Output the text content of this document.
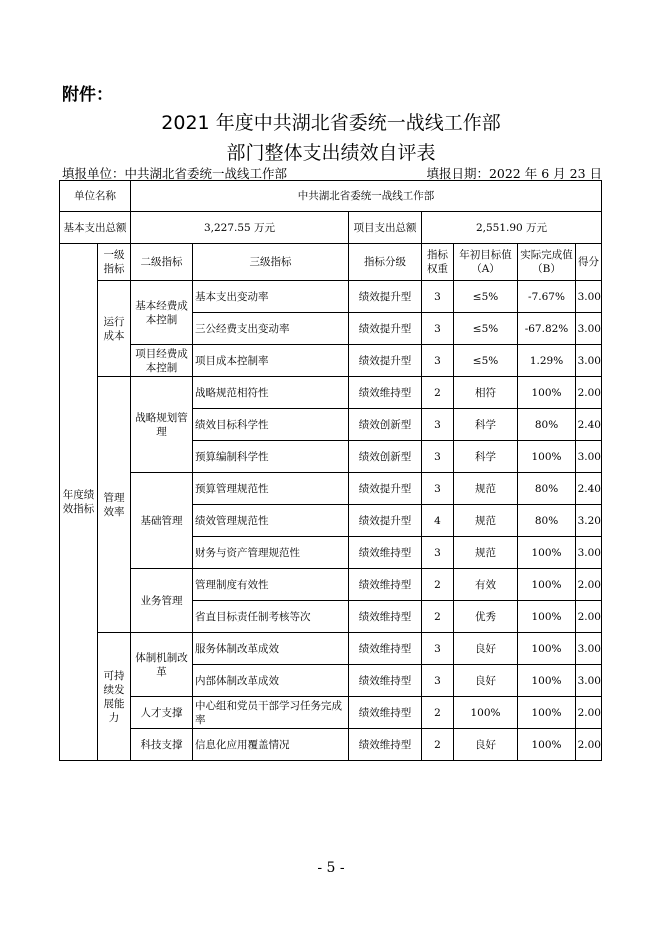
附件：
2021 年度中共湖北省委统一战线工作部
部门整体支出绩效自评表
填报单位：中共湖北省委统一战线工作部	填报日期：2022 年 6 月 23 日
单位名称		中共湖北省委统一战线工作部						
基本支出总额		3,227.55 万元		项目支出总额	2,551.90 万元			
年度绩效指标	一级指标	二级指标	三级指标	指标分级	指标权重	年初目标值（A）	实际完成值（B）	得分
	运行成本	基本经费成本控制	基本支出变动率	绩效提升型	3	≤5%	-7.67%	3.00
			三公经费支出变动率	绩效提升型	3	≤5%	-67.82%	3.00
		项目经费成本控制	项目成本控制率	绩效提升型	3	≤5%	1.29%	3.00
	管理效率	战略规划管理	战略规范相符性	绩效维持型	2	相符	100%	2.00
			绩效目标科学性	绩效创新型	3	科学	80%	2.40
			预算编制科学性	绩效创新型	3	科学	100%	3.00
		基础管理	预算管理规范性	绩效提升型	3	规范	80%	2.40
			绩效管理规范性	绩效提升型	4	规范	80%	3.20
			财务与资产管理规范性	绩效维持型	3	规范	100%	3.00
		业务管理	管理制度有效性	绩效维持型	2	有效	100%	2.00
			省直目标责任制考核等次	绩效维持型	2	优秀	100%	2.00
	可持续发展能力	体制机制改革	服务体制改革成效	绩效维持型	3	良好	100%	3.00
			内部体制改革成效	绩效维持型	3	良好	100%	3.00
		人才支撑	中心组和党员干部学习任务完成率	绩效维持型	2	100%	100%	2.00
		科技支撑	信息化应用覆盖情况	绩效维持型	2	良好	100%	2.00
- 5 -
